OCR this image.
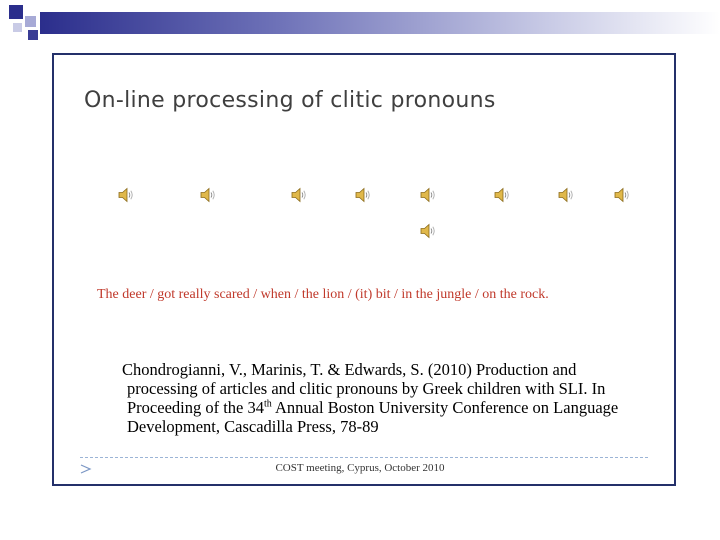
On-line processing of clitic pronouns
The deer / got really scared / when / the lion / (it) bit / in the jungle / on the rock.
Chondrogianni, V., Marinis, T. & Edwards, S. (2010) Production and
processing of articles and clitic pronouns by Greek children with SLI. In
Proceeding of the 34th Annual Boston University Conference on Language
Development, Cascadilla Press, 78-89
COST meeting, Cyprus, October 2010
